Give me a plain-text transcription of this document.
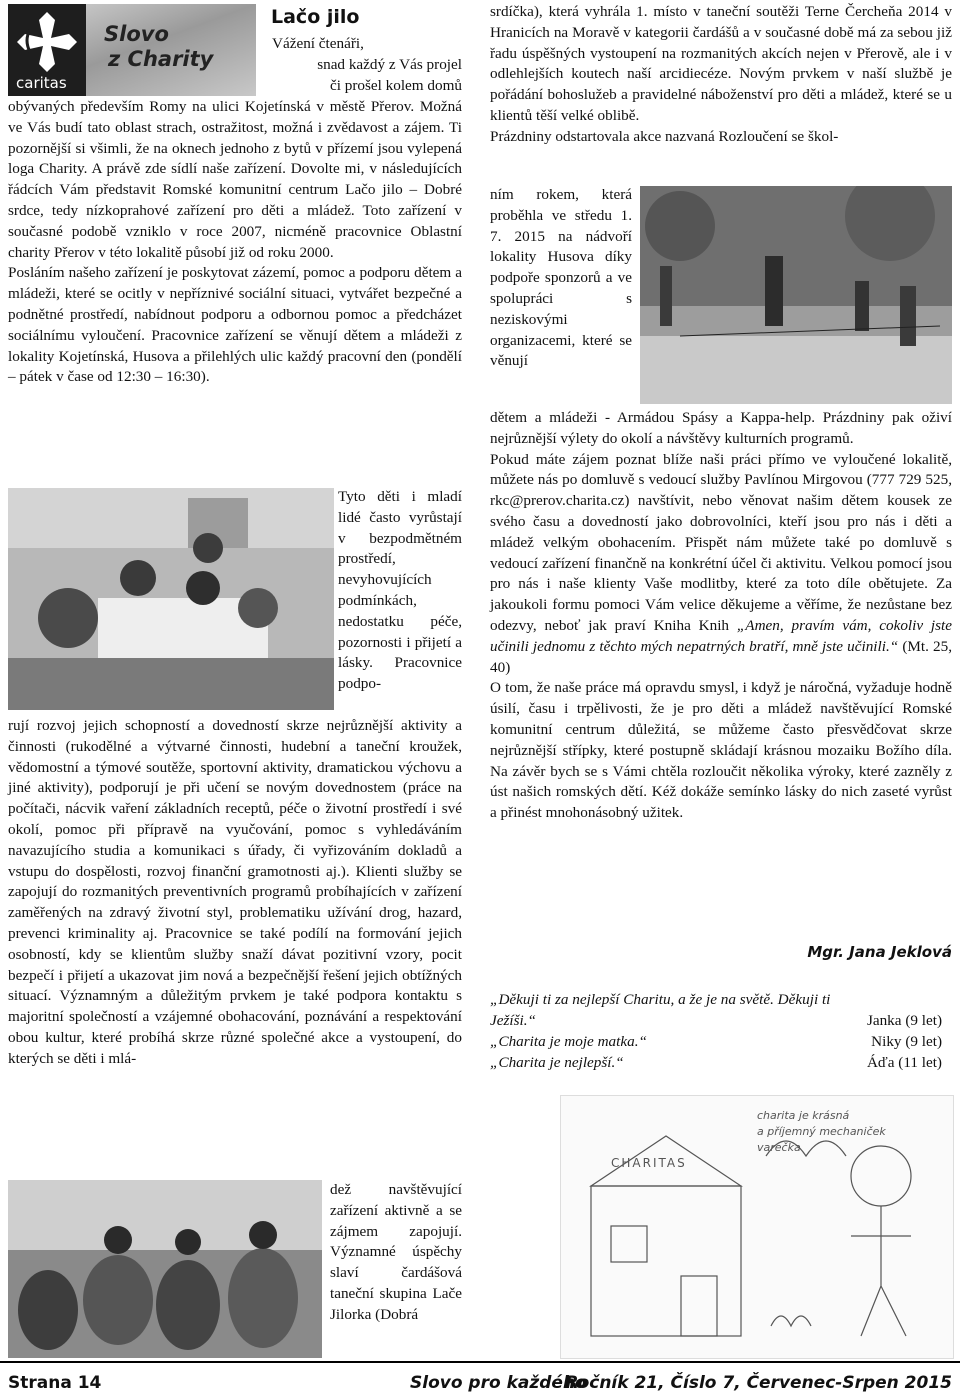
caritas
Slovo
z Charity
Lačo jilo
Vážení čtenáři,
snad každý z Vás projel
či prošel kolem domů

obývaných především Romy na ulici Kojetínská v městě Přerov. Možná ve Vás budí tato oblast strach, ostražitost, možná i zvědavost a zájem. Ti pozornější si všimli, že na oknech jednoho z bytů v přízemí jsou vylepená loga Charity. A právě zde sídlí naše zařízení. Dovolte mi, v následujících řádcích Vám představit Romské komunitní centrum Lačo jilo – Dobré srdce, tedy nízkoprahové zařízení pro děti a mládež. Toto zařízení v současné podobě vzniklo v roce 2007, nicméně pracovnice Oblastní charity Přerov v této lokalitě působí již od roku 2000.

Posláním našeho zařízení je poskytovat zázemí, pomoc a podporu dětem a mládeži, které se ocitly v nepříznivé sociální situaci, vytvářet bezpečné a podnětné prostředí, nabídnout podporu a odbornou pomoc a předcházet sociálnímu vyloučení. Pracovnice zařízení se věnují dětem a mládeži z lokality Kojetínská, Husova a přilehlých ulic každý pracovní den (pondělí – pátek v čase od 12:30 – 16:30).

Tyto děti i mladí lidé často vyrůstají v bezpodmětném prostředí, nevyhovujících podmínkách, nedostatku péče, pozornosti i přijetí a lásky. Pracovnice podpo-

rují rozvoj jejich schopností a dovedností skrze nejrůznější aktivity a činnosti (rukodělné a výtvarné činnosti, hudební a taneční kroužek, vědomostní a týmové soutěže, sportovní aktivity, dramatickou výchovu a jiné aktivity), podporují je při učení se novým dovednostem (práce na počítači, nácvik vaření základních receptů, péče o životní prostředí i své okolí, pomoc při přípravě na vyučování, pomoc s vyhledáváním navazujícího studia a komunikaci s úřady, či vyřizováním dokladů a vstupu do dospělosti, rozvoj finanční gramotnosti aj.). Klienti služby se zapojují do rozmanitých preventivních programů probíhajících v zařízení zaměřených na zdravý životní styl, problematiku užívání drog, hazard, prevenci kriminality aj. Pracovnice se také podílí na formování jejich osobností, kdy se klientům služby snaží dávat pozitivní vzory, pocit bezpečí i přijetí a ukazovat jim nová a bezpečnější řešení jejich obtížných situací. Významným a důležitým prvkem je také podpora kontaktu s majoritní společností a vzájemné obohacování, poznávání a respektování obou kultur, které probíhá skrze různé společné akce a vystoupení, do kterých se děti i mlá-

dež navštěvující zařízení aktivně a se zájmem zapojují. Významné úspěchy slaví čardášová taneční skupina Lače Jilorka (Dobrá

srdíčka), která vyhrála 1. místo v taneční soutěži Terne Čercheňa 2014 v Hranicích na Moravě v kategorii čardášů a v současné době má za sebou již řadu úspěšných vystoupení na rozmanitých akcích nejen v Přerově, ale i v odlehlejších koutech naší arcidiecéze. Novým prvkem v naší službě je pořádání bohoslužeb a pravidelné náboženství pro děti a mládež, které se u klientů těší velké oblibě.

Prázdniny odstartovala akce nazvaná Rozloučení se škol-

ním rokem, která proběhla ve středu 1. 7. 2015 na nádvoří lokality Husova díky podpoře sponzorů a ve spolupráci s neziskovými organizacemi, které se věnují

dětem a mládeži - Armádou Spásy a Kappa-help. Prázdniny pak oživí nejrůznější výlety do okolí a návštěvy kulturních programů.

Pokud máte zájem poznat blíže naši práci přímo ve vyloučené lokalitě, můžete nás po domluvě s vedoucí služby Pavlínou Mirgovou (777 729 525, rkc@prerov.charita.cz) navštívit, nebo věnovat našim dětem kousek ze svého času a dovedností jako dobrovolníci, kteří jsou pro nás i děti a mládež velkým obohacením. Přispět nám můžete také po domluvě s vedoucí zařízení finančně na konkrétní účel či aktivitu. Velkou pomocí jsou pro nás i naše klienty Vaše modlitby, které za toto díle obětujete. Za jakoukoli formu pomoci Vám velice děkujeme a věříme, že nezůstane bez odezvy, neboť jak praví Kniha Knih „Amen, pravím vám, cokoliv jste učinili jednomu z těchto mých nepatrných bratří, mně jste učinili.“ (Mt. 25, 40)

O tom, že naše práce má opravdu smysl, i když je náročná, vyžaduje hodně úsilí, času i trpělivosti, že je pro děti a mládež navštěvující Romské komunitní centrum důležitá, se můžeme často přesvědčovat skrze nejrůznější střípky, které postupně skládají krásnou mozaiku Božího díla. Na závěr bych se s Vámi chtěla rozloučit několika výroky, které zazněly z úst našich romských dětí. Kéž dokáže semínko lásky do nich zaseté vyrůst a přinést mnohonásobný užitek.

Mgr. Jana Jeklová
„Děkuji ti za nejlepší Charitu, a že je na světě. Děkuji ti
Ježíši.“	Janka (9 let)
„Charita je moje matka.“	Niky (9 let)
„Charita je nejlepší.“	Áďa (11 let)
CHARITAS
charita je krásná
a příjemný mechaniček
varečka
Strana 14	Slovo pro každého
Ročník 21, Číslo 7, Červenec-Srpen 2015
